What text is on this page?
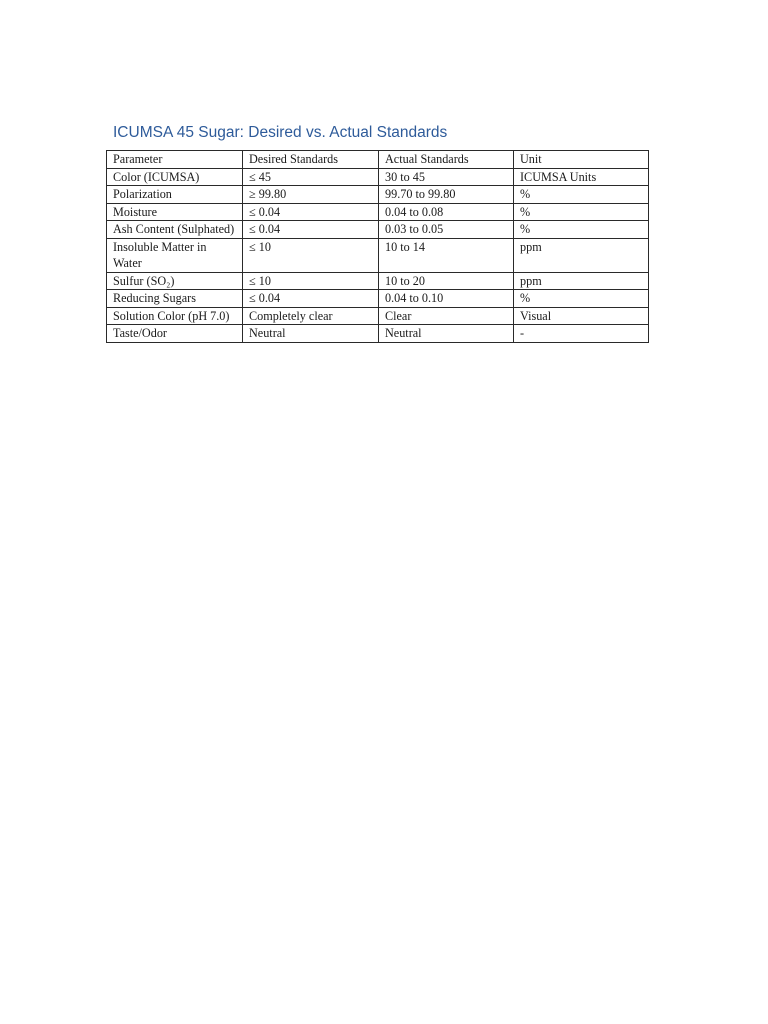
ICUMSA 45 Sugar: Desired vs. Actual Standards
Parameter	Desired Standards	Actual Standards	Unit
Color (ICUMSA)	≤ 45	30 to 45	ICUMSA Units
Polarization	≥ 99.80	99.70 to 99.80	%
Moisture	≤ 0.04	0.04 to 0.08	%
Ash Content (Sulphated)	≤ 0.04	0.03 to 0.05	%
Insoluble Matter in Water	≤ 10	10 to 14	ppm
Sulfur (SO₂)	≤ 10	10 to 20	ppm
Reducing Sugars	≤ 0.04	0.04 to 0.10	%
Solution Color (pH 7.0)	Completely clear	Clear	Visual
Taste/Odor	Neutral	Neutral	-
